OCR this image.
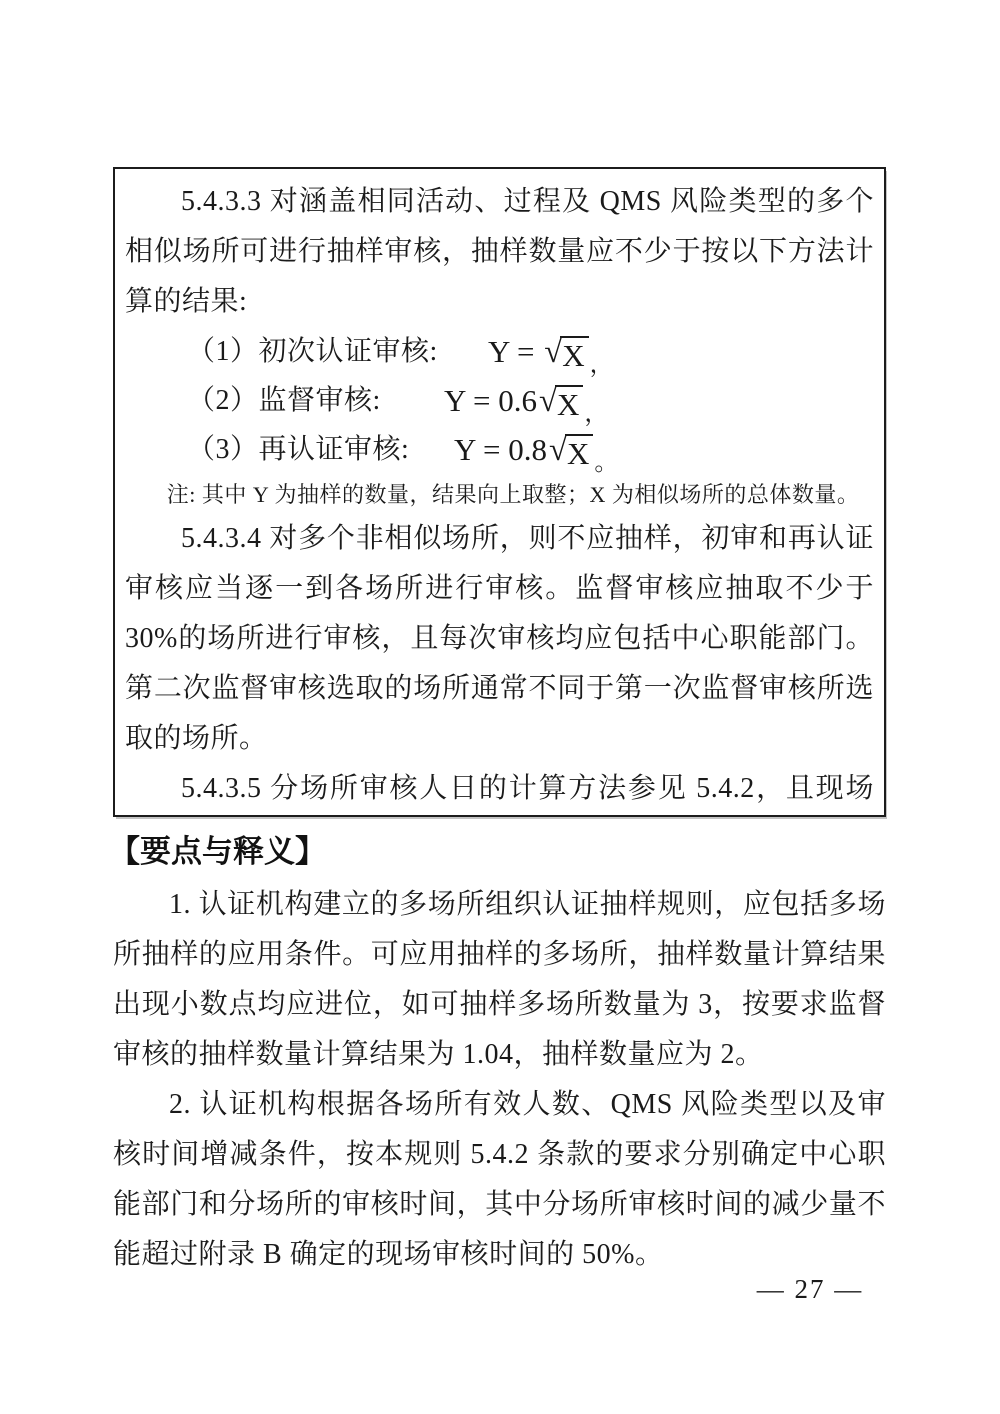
5.4.3.3 对涵盖相同活动、过程及 QMS 风险类型的多个相似场所可进行抽样审核，抽样数量应不少于按以下方法计算的结果:

（1）初次认证审核: Y = √X $_,$
（2）监督审核: Y = 0.6√X $_,$
（3）再认证审核: Y = 0.8√X $_。$

注: 其中 Y 为抽样的数量，结果向上取整；X 为相似场所的总体数量。

5.4.3.4 对多个非相似场所，则不应抽样，初审和再认证审核应当逐一到各场所进行审核。监督审核应抽取不少于 30%的场所进行审核，且每次审核均应包括中心职能部门。第二次监督审核选取的场所通常不同于第一次监督审核所选取的场所。

5.4.3.5 分场所审核人日的计算方法参见 5.4.2，且现场

【要点与释义】

1. 认证机构建立的多场所组织认证抽样规则，应包括多场所抽样的应用条件。可应用抽样的多场所，抽样数量计算结果出现小数点均应进位，如可抽样多场所数量为 3，按要求监督审核的抽样数量计算结果为 1.04，抽样数量应为 2。

2. 认证机构根据各场所有效人数、QMS 风险类型以及审核时间增减条件，按本规则 5.4.2 条款的要求分别确定中心职能部门和分场所的审核时间，其中分场所审核时间的减少量不能超过附录 B 确定的现场审核时间的 50%。

— 27 —
